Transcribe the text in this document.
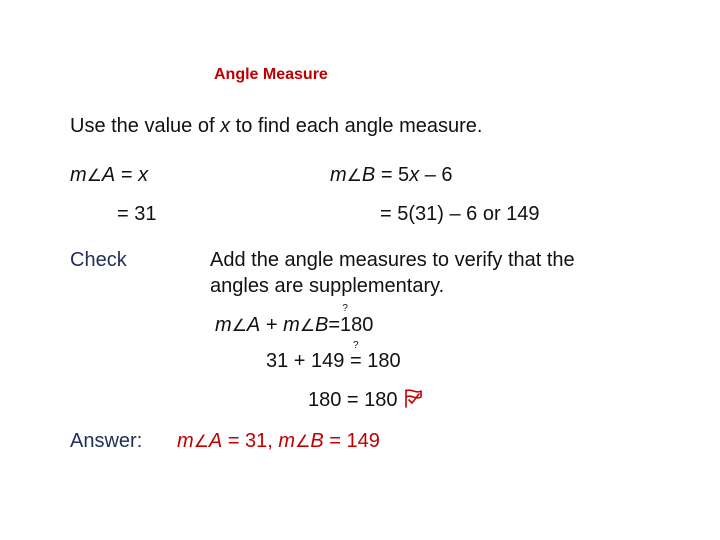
Angle Measure
Use the value of x to find each angle measure.
m∠A = x
= 31
m∠B = 5x – 6
= 5(31) – 6 or 149
Check	Add the angle measures to verify that the
angles are supplementary.
m∠A + m∠B
?
=180
31 + 149
?
= 180
180 = 180
Answer: m∠A = 31, m∠B = 149
